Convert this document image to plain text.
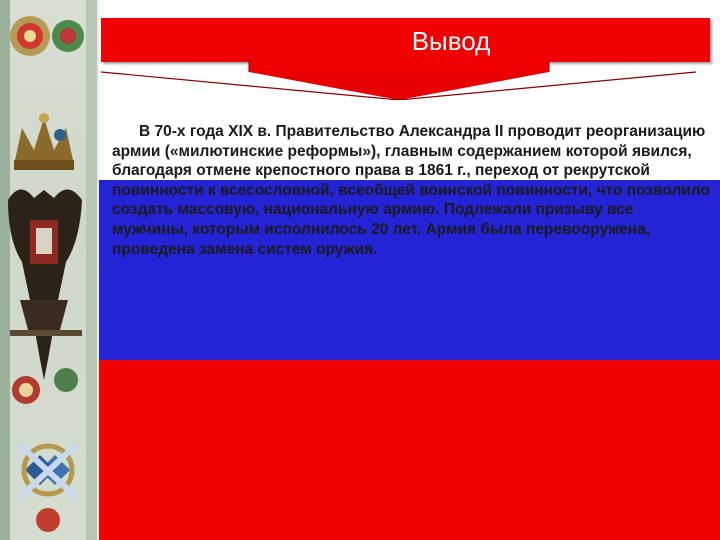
Вывод

В 70-х года XIX в. Правительство Александра II проводит реорганизацию армии («милютинские реформы»), главным содержанием которой явился, благодаря отмене крепостного права в 1861 г., переход от рекрутской повинности к всесословной, всеобщей воинской повинности, что позволило создать массовую, национальную армию. Подлежали призыву все мужчины, которым исполнилось 20 лет. Армия была перевооружена, проведена замена систем оружия.
